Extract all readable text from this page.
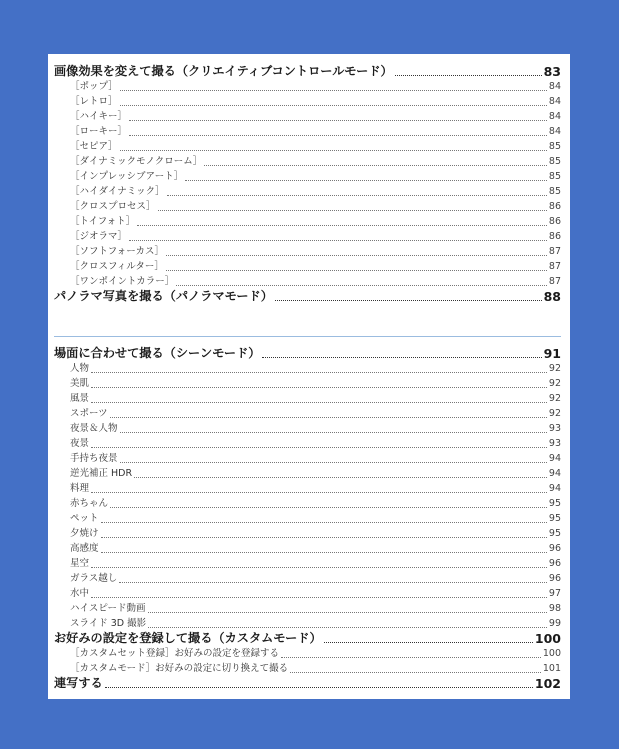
画像効果を変えて撮る（クリエイティブコントロールモード）	83
［ポップ］	84
［レトロ］	84
［ハイキー］	84
［ローキー］	84
［セピア］	85
［ダイナミックモノクローム］	85
［インプレッシブアート］	85
［ハイダイナミック］	85
［クロスプロセス］	86
［トイフォト］	86
［ジオラマ］	86
［ソフトフォーカス］	87
［クロスフィルター］	87
［ワンポイントカラー］	87
パノラマ写真を撮る（パノラマモード）	88
場面に合わせて撮る（シーンモード）	91
人物	92
美肌	92
風景	92
スポーツ	92
夜景＆人物	93
夜景	93
手持ち夜景	94
逆光補正 HDR	94
料理	94
赤ちゃん	95
ペット	95
夕焼け	95
高感度	96
星空	96
ガラス越し	96
水中	97
ハイスピード動画	98
スライド 3D 撮影	99
お好みの設定を登録して撮る（カスタムモード）	100
［カスタムセット登録］お好みの設定を登録する	100
［カスタムモード］お好みの設定に切り換えて撮る	101
連写する	102
